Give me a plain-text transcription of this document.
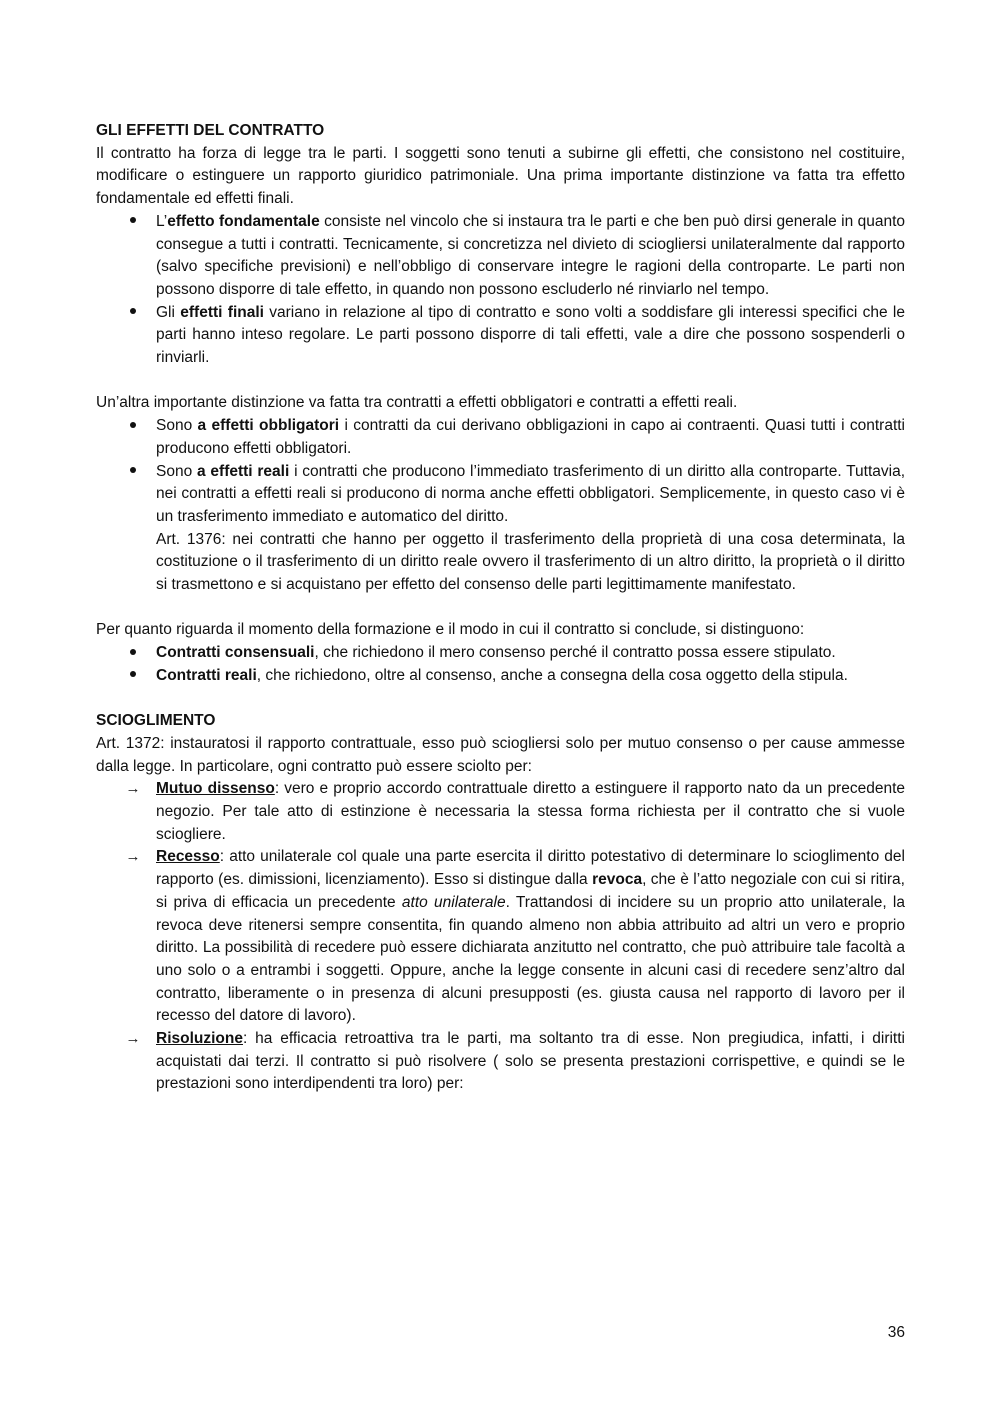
GLI EFFETTI DEL CONTRATTO

Il contratto ha forza di legge tra le parti. I soggetti sono tenuti a subirne gli effetti, che consistono nel costituire, modificare o estinguere un rapporto giuridico patrimoniale. Una prima importante distinzione va fatta tra effetto fondamentale ed effetti finali.

L’effetto fondamentale consiste nel vincolo che si instaura tra le parti e che ben può dirsi generale in quanto consegue a tutti i contratti. Tecnicamente, si concretizza nel divieto di sciogliersi unilateralmente dal rapporto (salvo specifiche previsioni) e nell’obbligo di conservare integre le ragioni della controparte. Le parti non possono disporre di tale effetto, in quando non possono escluderlo né rinviarlo nel tempo.
Gli effetti finali variano in relazione al tipo di contratto e sono volti a soddisfare gli interessi specifici che le parti hanno inteso regolare. Le parti possono disporre di tali effetti, vale a dire che possono sospenderli o rinviarli.

Un’altra importante distinzione va fatta tra contratti a effetti obbligatori e contratti a effetti reali.

Sono a effetti obbligatori i contratti da cui derivano obbligazioni in capo ai contraenti. Quasi tutti i contratti producono effetti obbligatori.

Sono a effetti reali i contratti che producono l’immediato trasferimento di un diritto alla controparte. Tuttavia, nei contratti a effetti reali si producono di norma anche effetti obbligatori. Semplicemente, in questo caso vi è un trasferimento immediato e automatico del diritto.

Art. 1376: nei contratti che hanno per oggetto il trasferimento della proprietà di una cosa determinata, la costituzione o il trasferimento di un diritto reale ovvero il trasferimento di un altro diritto, la proprietà o il diritto si trasmettono e si acquistano per effetto del consenso delle parti legittimamente manifestato.

Per quanto riguarda il momento della formazione e il modo in cui il contratto si conclude, si distinguono:

Contratti consensuali, che richiedono il mero consenso perché il contratto possa essere stipulato.
Contratti reali, che richiedono, oltre al consenso, anche a consegna della cosa oggetto della stipula.
SCIOGLIMENTO

Art. 1372: instauratosi il rapporto contrattuale, esso può sciogliersi solo per mutuo consenso o per cause ammesse dalla legge. In particolare, ogni contratto può essere sciolto per:

→ Mutuo dissenso: vero e proprio accordo contrattuale diretto a estinguere il rapporto nato da un precedente negozio. Per tale atto di estinzione è necessaria la stessa forma richiesta per il contratto che si vuole sciogliere.
→ Recesso: atto unilaterale col quale una parte esercita il diritto potestativo di determinare lo scioglimento del rapporto (es. dimissioni, licenziamento). Esso si distingue dalla revoca, che è l’atto negoziale con cui si ritira, si priva di efficacia un precedente atto unilaterale. Trattandosi di incidere su un proprio atto unilaterale, la revoca deve ritenersi sempre consentita, fin quando almeno non abbia attribuito ad altri un vero e proprio diritto. La possibilità di recedere può essere dichiarata anzitutto nel contratto, che può attribuire tale facoltà a uno solo o a entrambi i soggetti. Oppure, anche la legge consente in alcuni casi di recedere senz’altro dal contratto, liberamente o in presenza di alcuni presupposti (es. giusta causa nel rapporto di lavoro per il recesso del datore di lavoro).
→ Risoluzione: ha efficacia retroattiva tra le parti, ma soltanto tra di esse. Non pregiudica, infatti, i diritti acquistati dai terzi. Il contratto si può risolvere ( solo se presenta prestazioni corrispettive, e quindi se le prestazioni sono interdipendenti tra loro) per:
36
